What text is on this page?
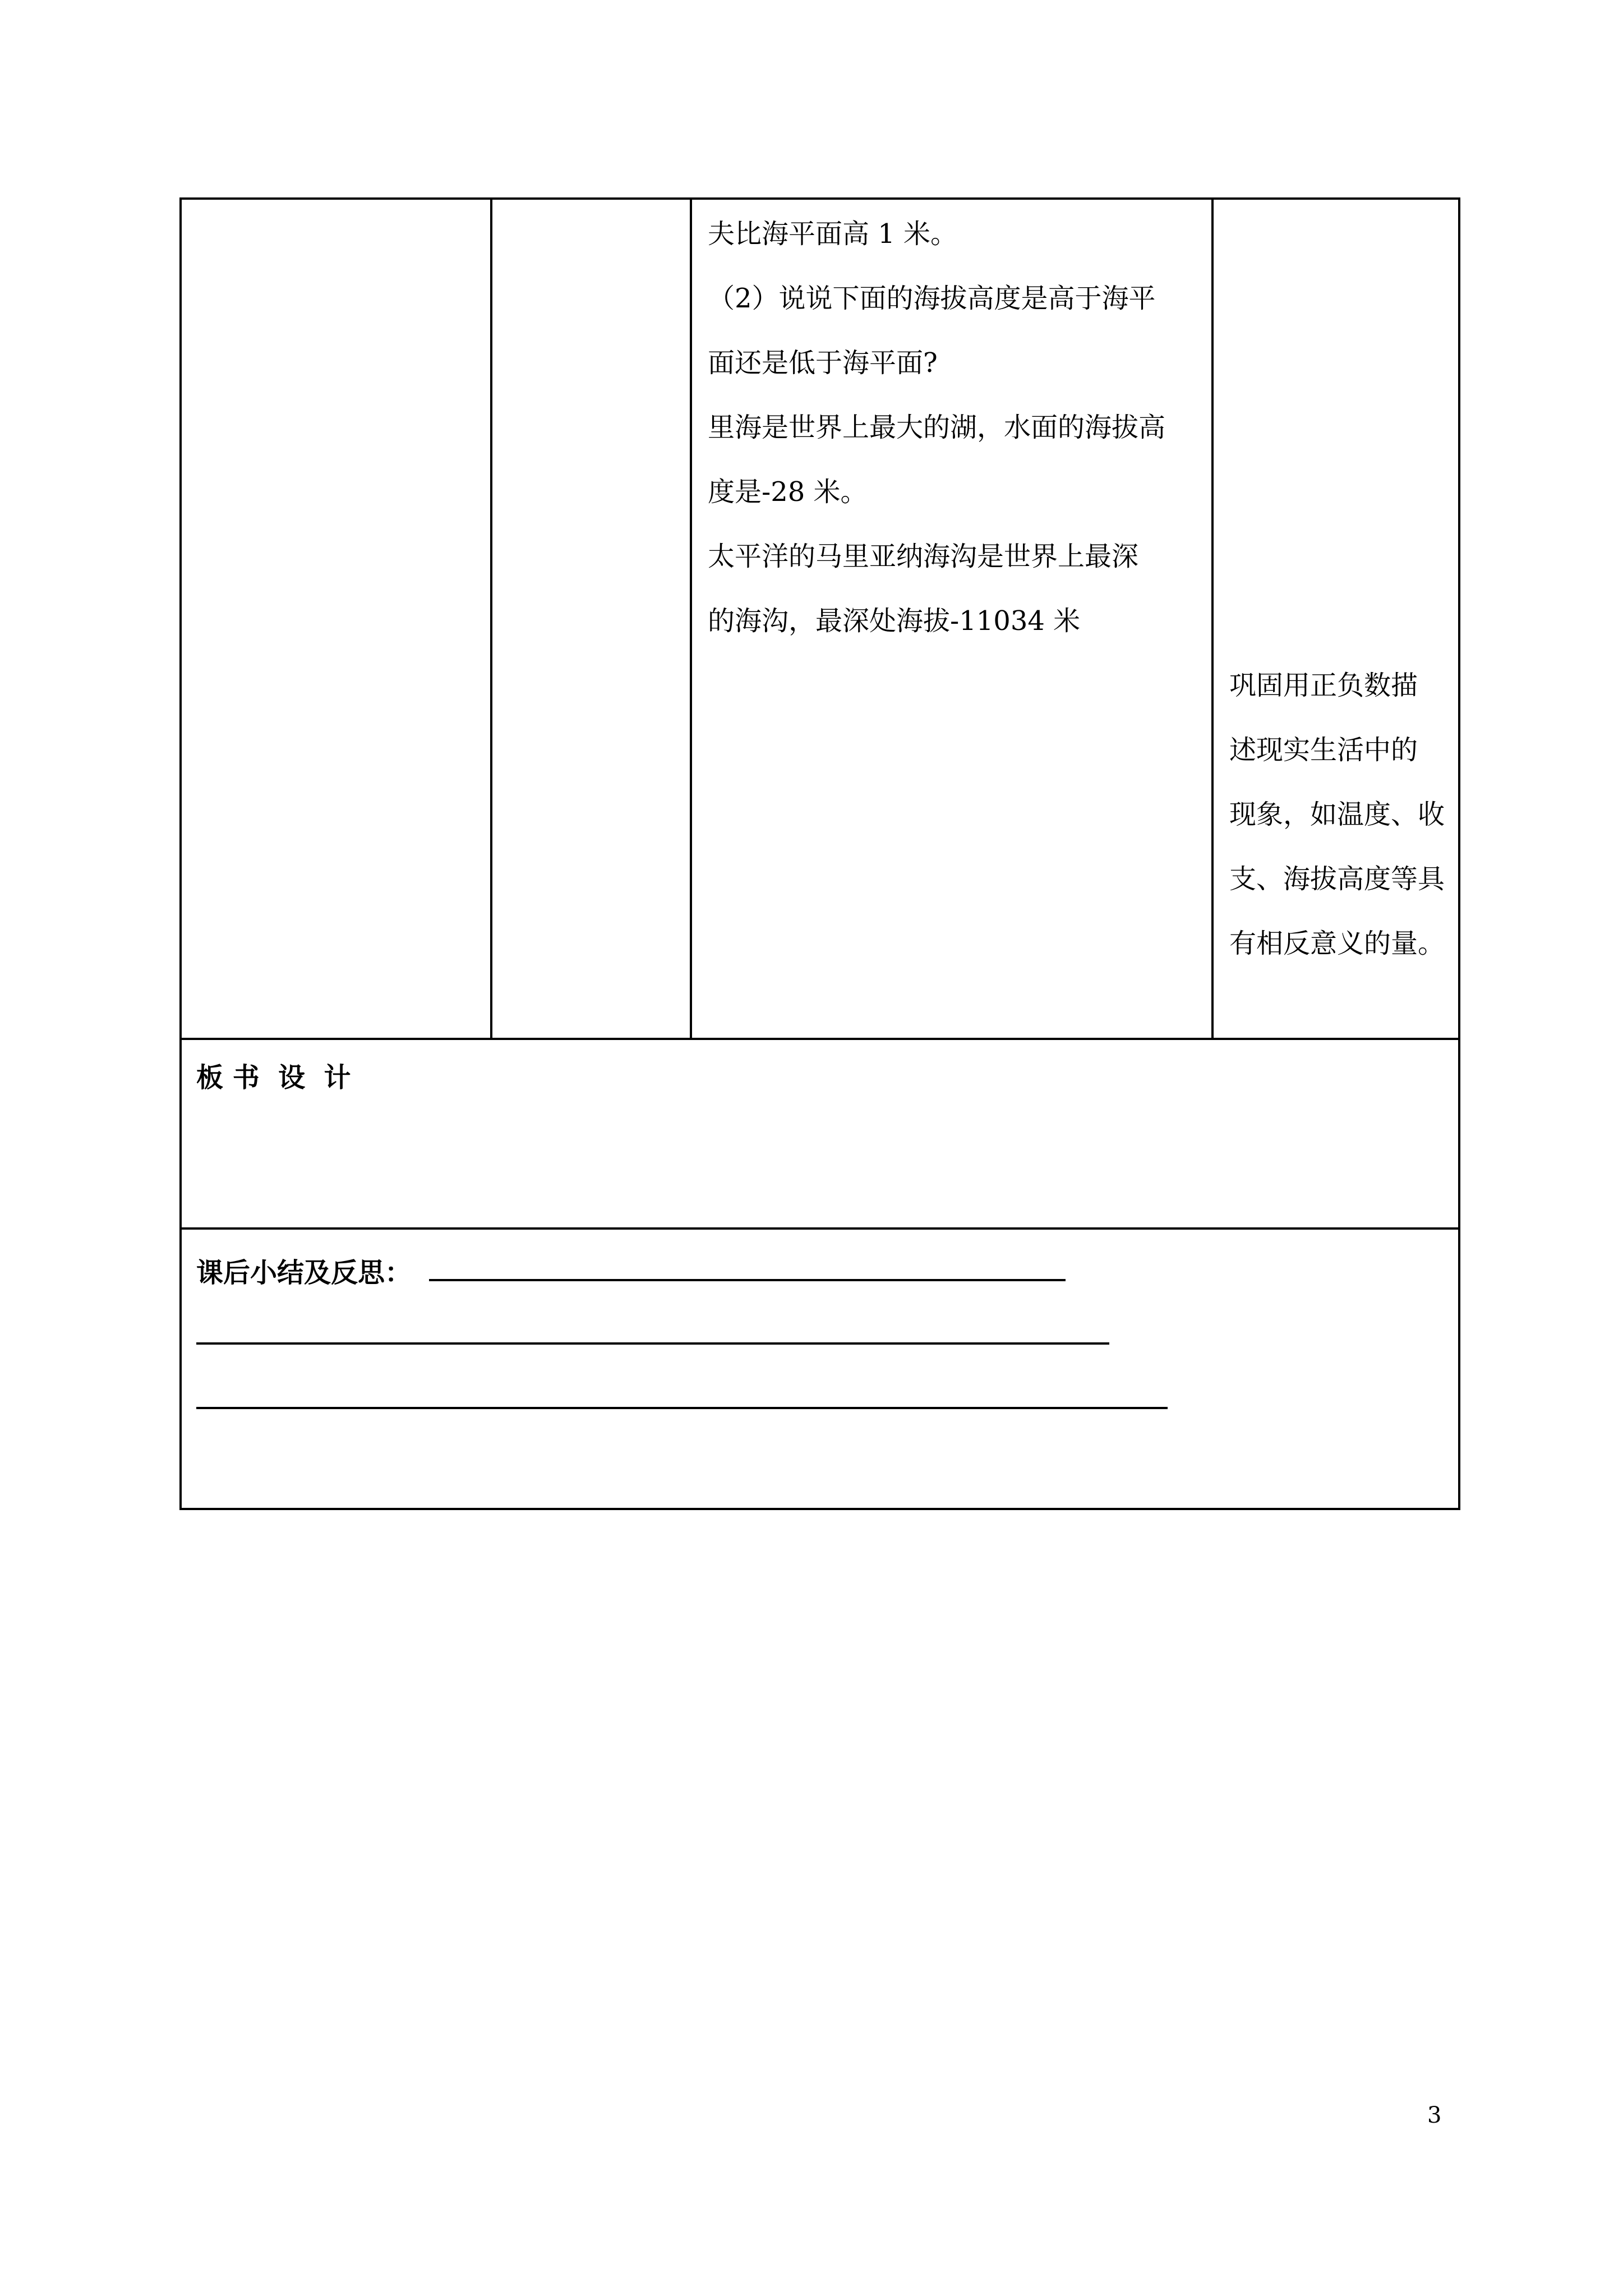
夫比海平面高 1 米。
（2）说说下面的海拔高度是高于海平
面还是低于海平面?
里海是世界上最大的湖，水面的海拔高
度是-28 米。
太平洋的马里亚纳海沟是世界上最深
的海沟，最深处海拔-11034 米
巩固用正负数描
述现实生活中的
现象，如温度、收
支、海拔高度等具
有相反意义的量。
板 书  设  计
课后小结及反思：
3
